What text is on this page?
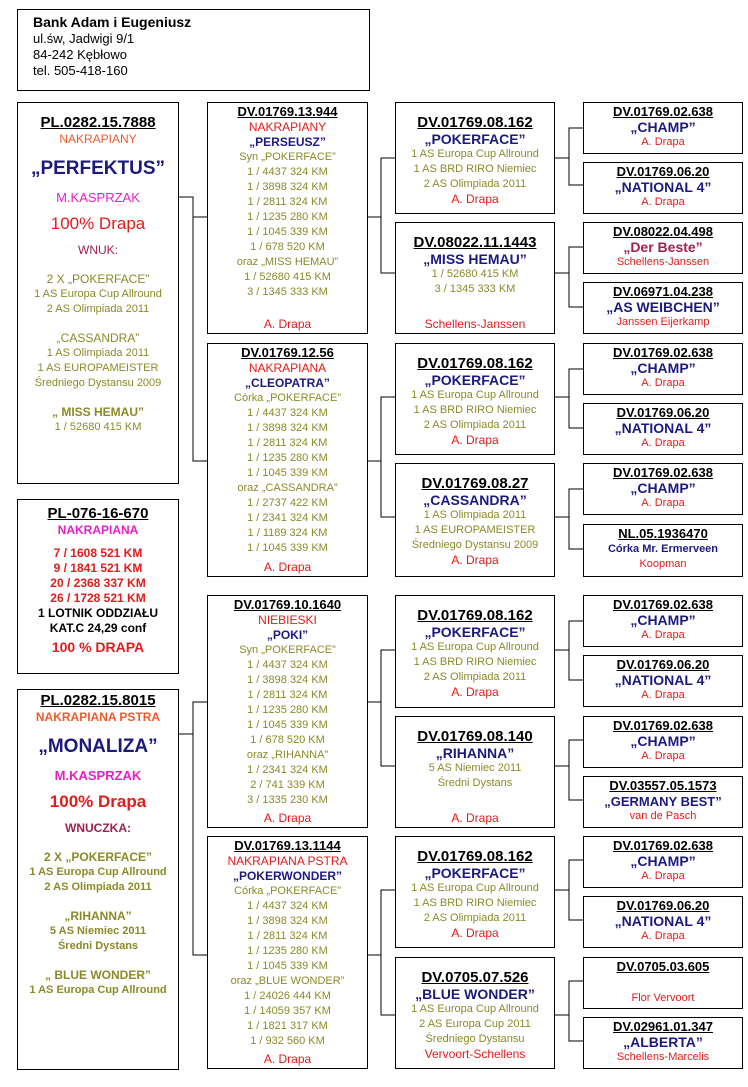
Bank Adam i Eugeniusz
ul.św, Jadwigi 9/1
84-242 Kębłowo
tel. 505-418-160
PL.0282.15.7888
NAKRAPIANY
„PERFEKTUS”
M.KASPRZAK
100% Drapa
WNUK:
2 X „POKERFACE”
1 AS Europa Cup Allround
2 AS Olimpiada 2011
„CASSANDRA”
1 AS Olimpiada 2011
1 AS EUROPAMEISTER
Średniego Dystansu 2009
„ MISS HEMAU”
1 / 52680 415 KM
PL-076-16-670
NAKRAPIANA
7 / 1608 521 KM
9 / 1841 521 KM
20 / 2368 337 KM
26 / 1728 521 KM
1 LOTNIK ODDZIAŁU
KAT.C 24,29 conf
100 % DRAPA
PL.0282.15.8015
NAKRAPIANA PSTRA
„MONALIZA”
M.KASPRZAK
100% Drapa
WNUCZKA:
2 X „POKERFACE”
1 AS Europa Cup Allround
2 AS Olimpiada 2011
„RIHANNA”
5 AS Niemiec 2011
Średni Dystans
„ BLUE WONDER”
1 AS Europa Cup Allround
DV.01769.13.944
NAKRAPIANY
„PERSEUSZ”
Syn „POKERFACE”
1 / 4437 324 KM
1 / 3898 324 KM
1 / 2811 324 KM
1 / 1235 280 KM
1 / 1045 339 KM
1 / 678 520 KM
oraz „MISS HEMAU”
1 / 52680 415 KM
3 / 1345 333 KM
A. Drapa
DV.01769.12.56
NAKRAPIANA
„CLEOPATRA”
Córka „POKERFACE”
1 / 4437 324 KM
1 / 3898 324 KM
1 / 2811 324 KM
1 / 1235 280 KM
1 / 1045 339 KM
oraz „CASSANDRA”
1 / 2737 422 KM
1 / 2341 324 KM
1 / 1189 324 KM
1 / 1045 339 KM
A. Drapa
DV.01769.10.1640
NIEBIESKI
„POKI”
Syn „POKERFACE”
1 / 4437 324 KM
1 / 3898 324 KM
1 / 2811 324 KM
1 / 1235 280 KM
1 / 1045 339 KM
1 / 678 520 KM
oraz „RIHANNA”
1 / 2341 324 KM
2 / 741 339 KM
3 / 1335 230 KM
A. Drapa
DV.01769.13.1144
NAKRAPIANA PSTRA
„POKERWONDER”
Córka „POKERFACE”
1 / 4437 324 KM
1 / 3898 324 KM
1 / 2811 324 KM
1 / 1235 280 KM
1 / 1045 339 KM
oraz „BLUE WONDER”
1 / 24026 444 KM
1 / 14059 357 KM
1 / 1821 317 KM
1 / 932 560 KM
A. Drapa
DV.01769.08.162
„POKERFACE”
1 AS Europa Cup Allround
1 AS BRD RIRO Niemiec
2 AS Olimpiada 2011
A. Drapa
DV.08022.11.1443
„MISS HEMAU”
1 / 52680 415 KM
3 / 1345 333 KM
Schellens-Janssen
DV.01769.08.162
„POKERFACE”
1 AS Europa Cup Allround
1 AS BRD RIRO Niemiec
2 AS Olimpiada 2011
A. Drapa
DV.01769.08.27
„CASSANDRA”
1 AS Olimpiada 2011
1 AS EUROPAMEISTER
Średniego Dystansu 2009
A. Drapa
DV.01769.08.162
„POKERFACE”
1 AS Europa Cup Allround
1 AS BRD RIRO Niemiec
2 AS Olimpiada 2011
A. Drapa
DV.01769.08.140
„RIHANNA”
5 AS Niemiec 2011
Średni Dystans
A. Drapa
DV.01769.08.162
„POKERFACE”
1 AS Europa Cup Allround
1 AS BRD RIRO Niemiec
2 AS Olimpiada 2011
A. Drapa
DV.0705.07.526
„BLUE WONDER”
1 AS Europa Cup Allround
2 AS Europa Cup 2011
Średniego Dystansu
Vervoort-Schellens
DV.01769.02.638
„CHAMP”
A. Drapa
DV.01769.06.20
„NATIONAL 4”
A. Drapa
DV.08022.04.498
„Der Beste”
Schellens-Janssen
DV.06971.04.238
„AS WEIBCHEN”
Janssen Eijerkamp
DV.01769.02.638
„CHAMP”
A. Drapa
DV.01769.06.20
„NATIONAL 4”
A. Drapa
DV.01769.02.638
„CHAMP”
A. Drapa
NL.05.1936470
Córka Mr. Ermerveen
Koopman
DV.01769.02.638
„CHAMP”
A. Drapa
DV.01769.06.20
„NATIONAL 4”
A. Drapa
DV.01769.02.638
„CHAMP”
A. Drapa
DV.03557.05.1573
„GERMANY BEST”
van de Pasch
DV.01769.02.638
„CHAMP”
A. Drapa
DV.01769.06.20
„NATIONAL 4”
A. Drapa
DV.0705.03.605
Flor Vervoort
DV.02961.01.347
„ALBERTA”
Schellens-Marcelis
